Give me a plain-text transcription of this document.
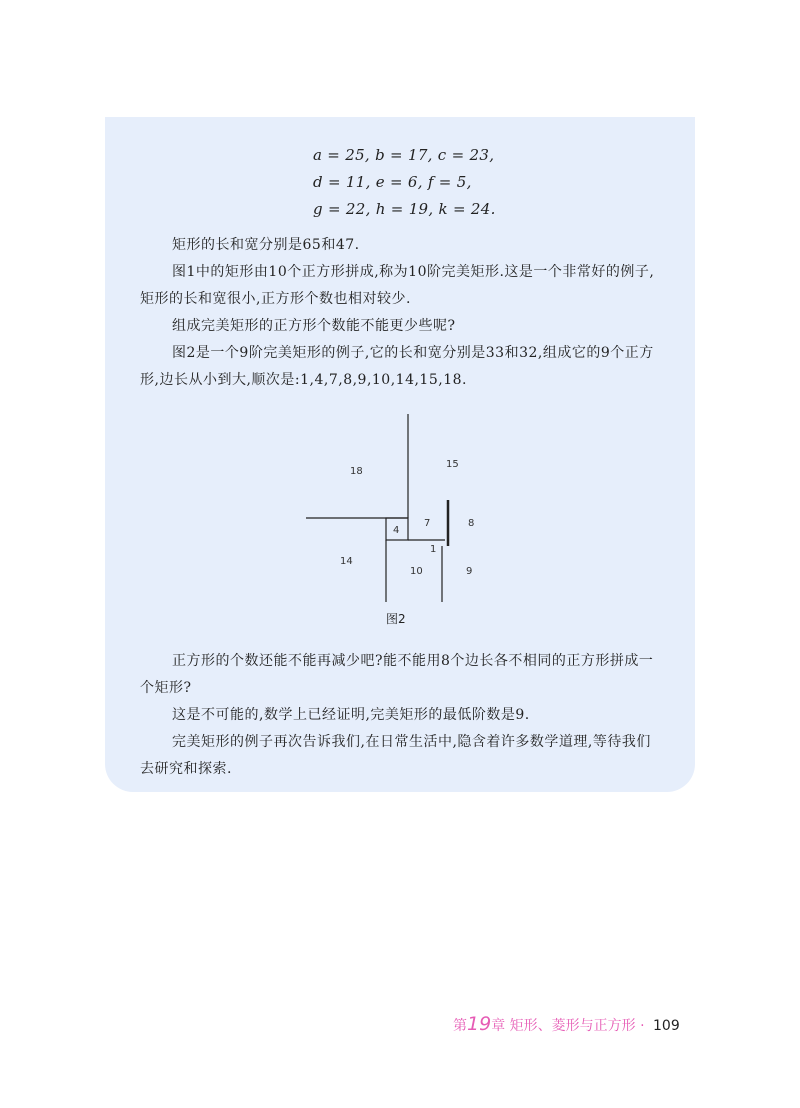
a = 25, b = 17, c = 23,
d = 11, e = 6, f = 5,
g = 22, h = 19, k = 24.

矩形的长和宽分别是65和47.

图1中的矩形由10个正方形拼成,称为10阶完美矩形.这是一个非常好的例子,矩形的长和宽很小,正方形个数也相对较少.

组成完美矩形的正方形个数能不能更少些呢?

图2是一个9阶完美矩形的例子,它的长和宽分别是33和32,组成它的9个正方形,边长从小到大,顺次是:1,4,7,8,9,10,14,15,18.

18
15
4
7	8
1
14
10	9
图2

正方形的个数还能不能再减少吧?能不能用8个边长各不相同的正方形拼成一个矩形?

这是不可能的,数学上已经证明,完美矩形的最低阶数是9.

完美矩形的例子再次告诉我们,在日常生活中,隐含着许多数学道理,等待我们去研究和探索.

第19章 矩形、菱形与正方形 · 109
